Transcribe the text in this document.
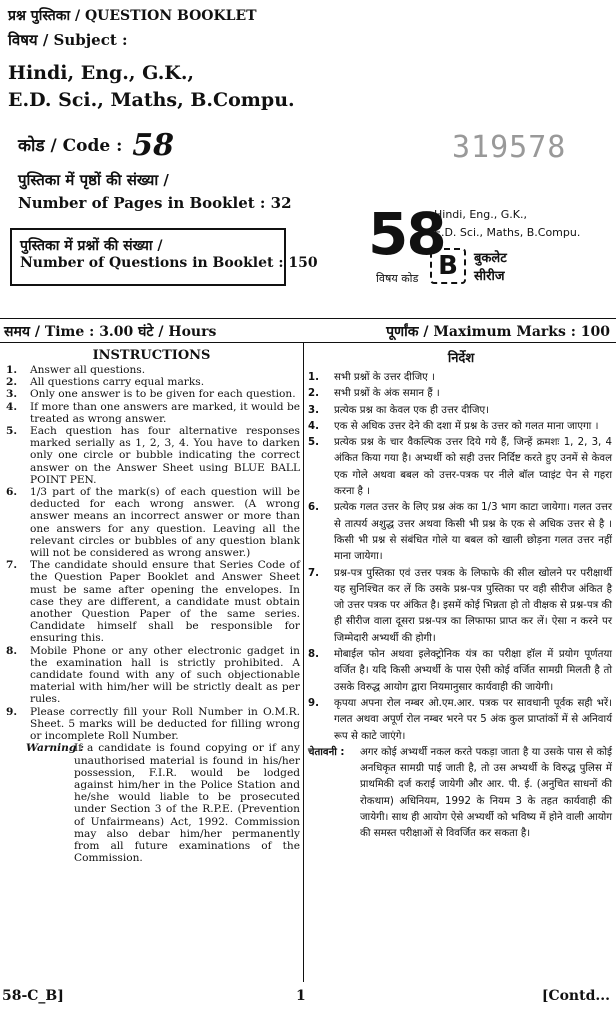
प्रश्न पुस्तिका / QUESTION BOOKLET
विषय / Subject :
Hindi, Eng., G.K.,
E.D. Sci., Maths, B.Compu.
कोड / Code : 58	319578
पुस्तिका में पृष्ठों की संख्या /
Number of Pages in Booklet : 32
पुस्तिका में प्रश्नों की संख्या /
Number of Questions in Booklet : 150 58
Hindi, Eng., G.K.,
E.D. Sci., Maths, B.Compu.
विषय कोड B	बुकलेट
सीरीज
समय / Time : 3.00 घंटे / Hours	पूर्णांक / Maximum Marks : 100
INSTRUCTIONS	निर्देश
1. Answer all questions.
2. All questions carry equal marks.
3. Only one answer is to be given for each question.
4. If more than one answers are marked, it would be treated as wrong answer.
5. Each question has four alternative responses marked serially as 1, 2, 3, 4. You have to darken only one circle or bubble indicating the correct answer on the Answer Sheet using BLUE BALL POINT PEN.
6. 1/3 part of the mark(s) of each question will be deducted for each wrong answer. (A wrong answer means an incorrect answer or more than one answers for any question. Leaving all the relevant circles or bubbles of any question blank will not be considered as wrong answer.)
7. The candidate should ensure that Series Code of the Question Paper Booklet and Answer Sheet must be same after opening the envelopes. In case they are different, a candidate must obtain another Question Paper of the same series. Candidate himself shall be responsible for ensuring this.
8. Mobile Phone or any other electronic gadget in the examination hall is strictly prohibited. A candidate found with any of such objectionable material with him/her will be strictly dealt as per rules.
9. Please correctly fill your Roll Number in O.M.R. Sheet. 5 marks will be deducted for filling wrong or incomplete Roll Number.
Warning :
If a candidate is found copying or if any unauthorised material is found in his/her possession, F.I.R. would be lodged against him/her in the Police Station and he/she would liable to be prosecuted under Section 3 of the R.P.E. (Prevention of Unfairmeans) Act, 1992. Commission may also debar him/her permanently from all future examinations of the Commission.
1. सभी प्रश्नों के उत्तर दीजिए ।
2. सभी प्रश्नों के अंक समान हैं ।
3. प्रत्येक प्रश्न का केवल एक ही उत्तर दीजिए।
4. एक से अधिक उत्तर देने की दशा में प्रश्न के उत्तर को गलत माना जाएगा ।
5. प्रत्येक प्रश्न के चार वैकल्पिक उत्तर दिये गये हैं, जिन्हें क्रमशः 1, 2, 3, 4 अंकित किया गया है। अभ्यर्थी को सही उत्तर निर्दिष्ट करते हुए उनमें से केवल एक गोले अथवा बबल को उत्तर-पत्रक पर नीले बॉल प्वाइंट पेन से गहरा करना है ।
6. प्रत्येक गलत उत्तर के लिए प्रश्न अंक का 1/3 भाग काटा जायेगा। गलत उत्तर से तात्पर्य अशुद्ध उत्तर अथवा किसी भी प्रश्न के एक से अधिक उत्तर से है । किसी भी प्रश्न से संबंधित गोले या बबल को खाली छोड़ना गलत उत्तर नहीं माना जायेगा।
7. प्रश्न-पत्र पुस्तिका एवं उत्तर पत्रक के लिफाफे की सील खोलने पर परीक्षार्थी यह सुनिश्चित कर लें कि उसके प्रश्न-पत्र पुस्तिका पर वही सीरीज अंकित है जो उत्तर पत्रक पर अंकित है। इसमें कोई भिन्नता हो तो वीक्षक से प्रश्न-पत्र की ही सीरीज वाला दूसरा प्रश्न-पत्र का लिफाफा प्राप्त कर लें। ऐसा न करने पर जिम्मेदारी अभ्यर्थी की होगी।
8. मोबाईल फोन अथवा इलेक्ट्रोनिक यंत्र का परीक्षा हॉल में प्रयोग पूर्णतया वर्जित है। यदि किसी अभ्यर्थी के पास ऐसी कोई वर्जित सामग्री मिलती है तो उसके विरुद्ध आयोग द्वारा नियमानुसार कार्यवाही की जायेगी।
9. कृपया अपना रोल नम्बर ओ.एम.आर. पत्रक पर सावधानी पूर्वक सही भरें। गलत अथवा अपूर्ण रोल नम्बर भरने पर 5 अंक कुल प्राप्तांकों में से अनिवार्य रूप से काटे जाएंगे।
चेतावनी : अगर कोई अभ्यर्थी नकल करते पकड़ा जाता है या उसके पास से कोई अनधिकृत सामग्री पाई जाती है, तो उस अभ्यर्थी के विरुद्ध पुलिस में प्राथमिकी दर्ज कराई जायेगी और आर. पी. ई. (अनुचित साधनों की रोकथाम) अधिनियम, 1992 के नियम 3 के तहत कार्यवाही की जायेगी। साथ ही आयोग ऐसे अभ्यर्थी को भविष्य में होने वाली आयोग की समस्त परीक्षाओं से विवर्जित कर सकता है।
58-C_B]	1	[Contd...
